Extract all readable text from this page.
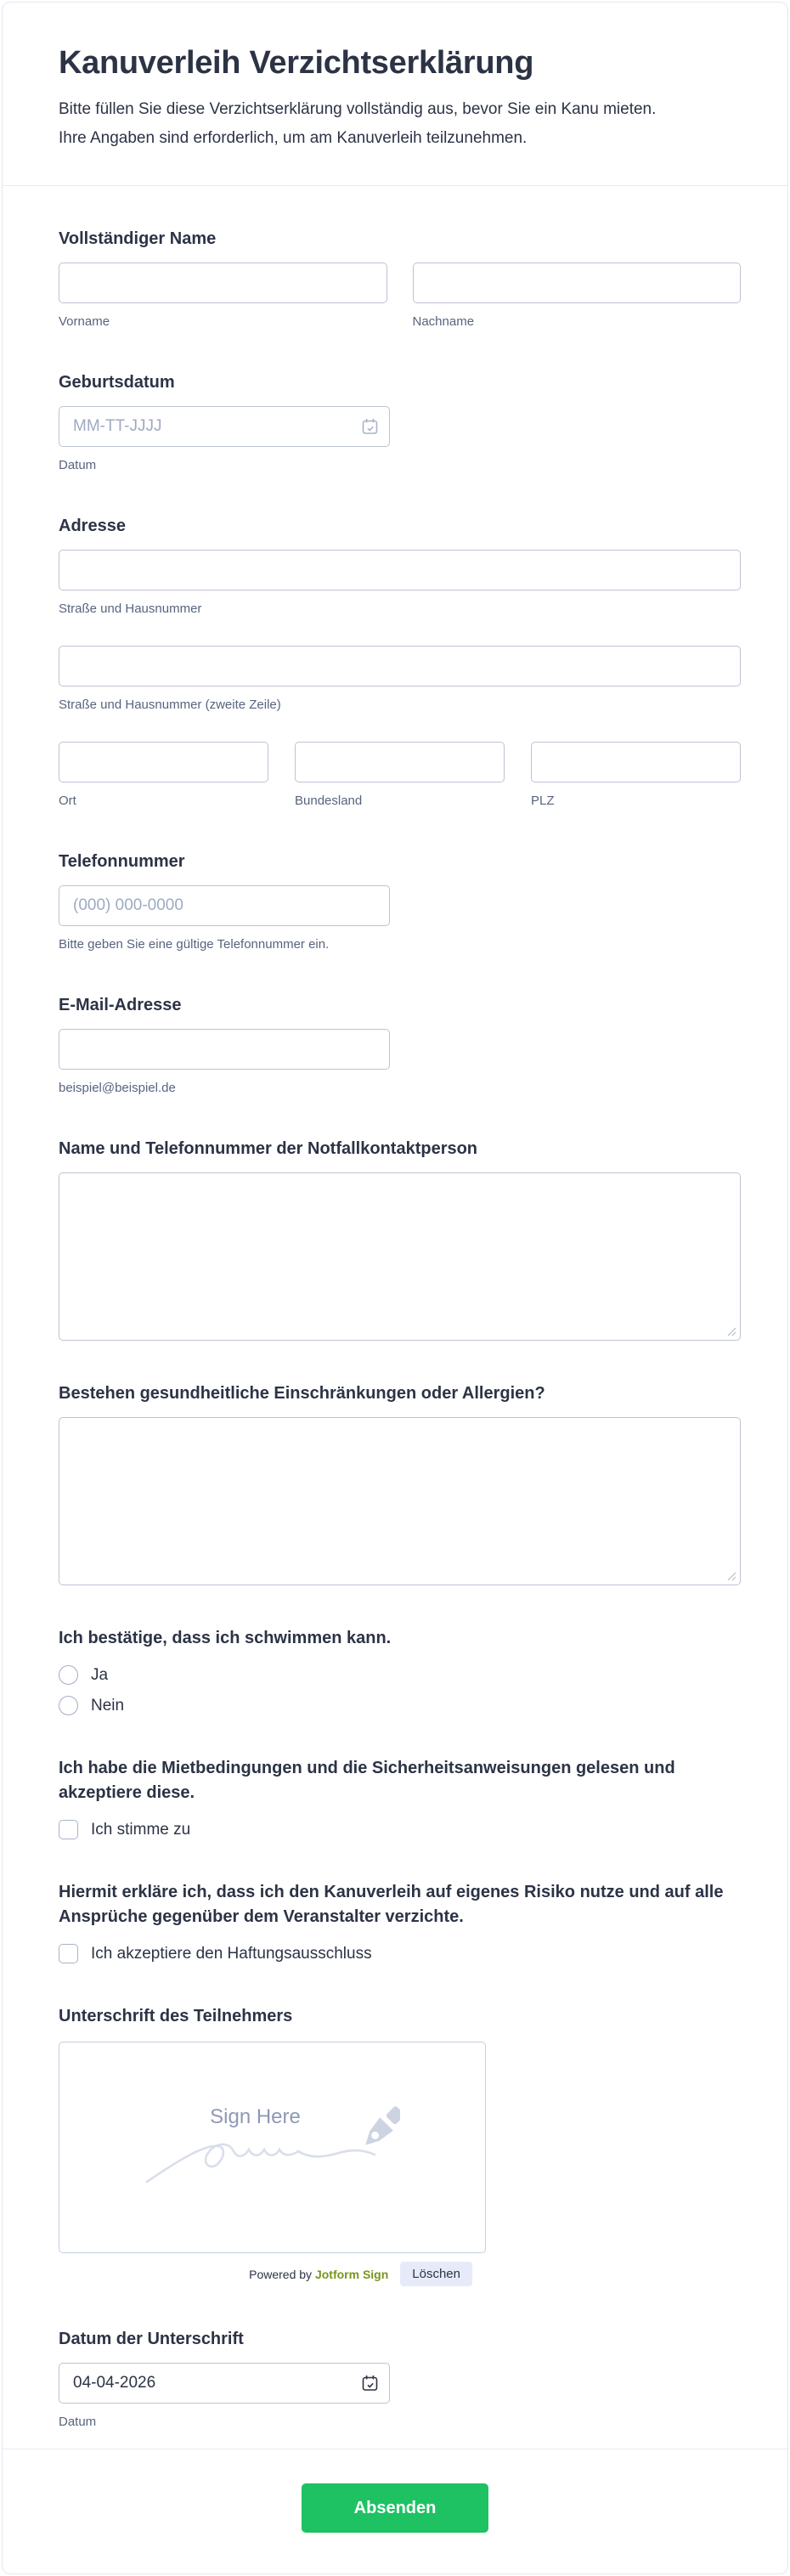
Kanuverleih Verzichtserklärung

Bitte füllen Sie diese Verzichtserklärung vollständig aus, bevor Sie ein Kanu mieten.

Ihre Angaben sind erforderlich, um am Kanuverleih teilzunehmen.

Vollständiger Name
Vorname	Nachname
Geburtsdatum
MM-TT-JJJJ
Datum
Adresse
Straße und Hausnummer
Straße und Hausnummer (zweite Zeile)
Ort	Bundesland	PLZ
Telefonnummer
(000) 000-0000
Bitte geben Sie eine gültige Telefonnummer ein.
E-Mail-Adresse
beispiel@beispiel.de
Name und Telefonnummer der Notfallkontaktperson
Bestehen gesundheitliche Einschränkungen oder Allergien?
Ich bestätige, dass ich schwimmen kann.
Ja
Nein
Ich habe die Mietbedingungen und die Sicherheitsanweisungen gelesen und akzeptiere diese.
Ich stimme zu
Hiermit erkläre ich, dass ich den Kanuverleih auf eigenes Risiko nutze und auf alle Ansprüche gegenüber dem Veranstalter verzichte.
Ich akzeptiere den Haftungsausschluss
Unterschrift des Teilnehmers
Sign Here
Powered by Jotform Sign	Löschen
Datum der Unterschrift
04-04-2026
Datum
Absenden
